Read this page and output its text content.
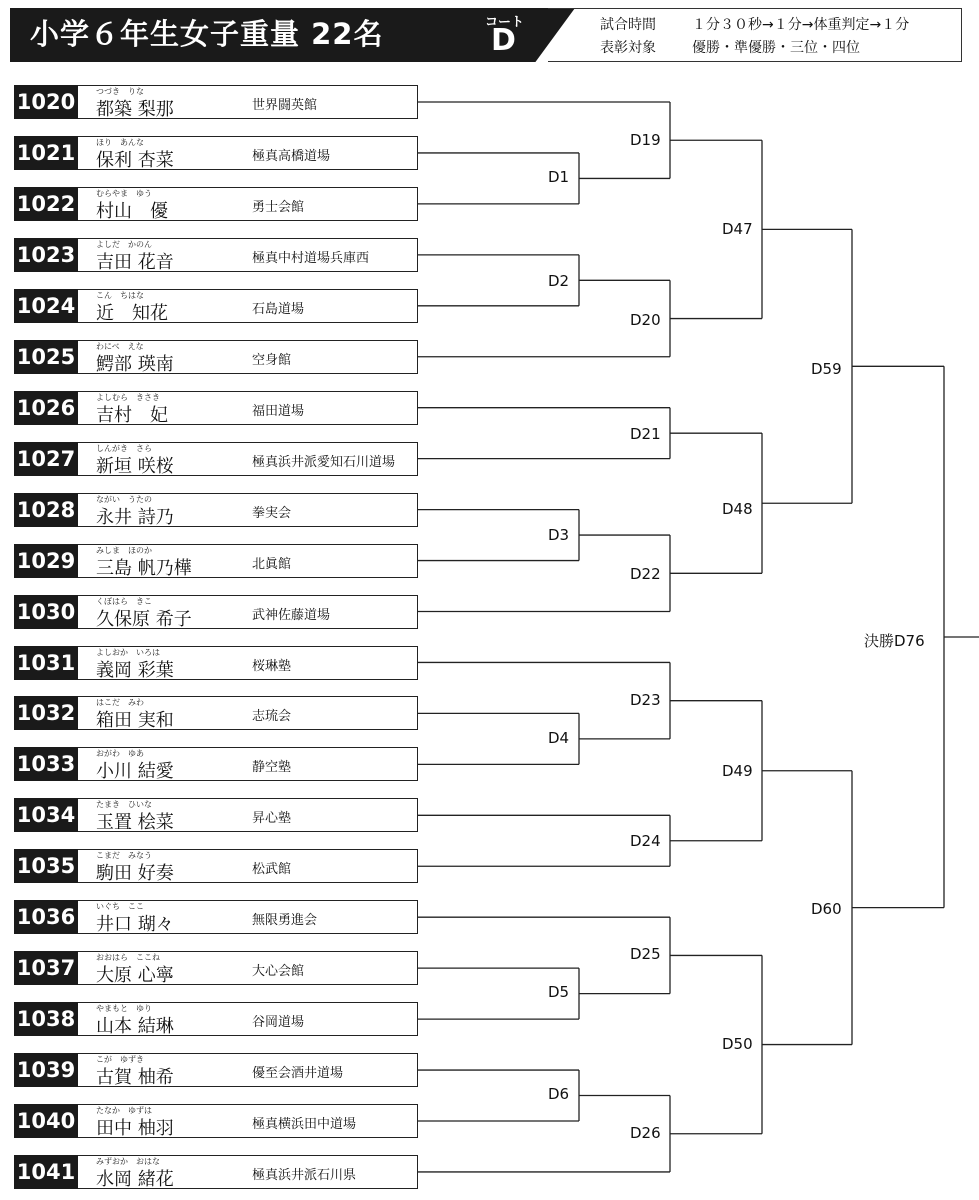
小学６年生女子重量 22名	コート
D	試合時間	１分３０秒→１分→体重判定→１分
表彰対象	優勝・準優勝・三位・四位
1020	つづき　りな
都築 梨那	世界闘英館
1021	ほり　あんな
保利 杏菜	極真高橋道場
1022	むらやま　ゆう
村山　優	勇士会館
1023	よしだ　かのん
吉田 花音	極真中村道場兵庫西
1024	こん　ちはな
近　知花	石島道場
1025	わにべ　えな
鰐部 瑛南	空身館
1026	よしむら　きさき
吉村　妃	福田道場
1027	しんがき　さら
新垣 咲桜	極真浜井派愛知石川道場
1028	ながい　うたの
永井 詩乃	拳実会
1029	みしま　ほのか
三島 帆乃樺	北眞館
1030	くぼはら　きこ
久保原 希子	武神佐藤道場
1031	よしおか　いろは
義岡 彩葉	桜琳塾
1032	はこだ　みわ
箱田 実和	志琉会
1033	おがわ　ゆあ
小川 結愛	静空塾
1034	たまき　ひいな
玉置 桧菜	昇心塾
1035	こまだ　みなう
駒田 好奏	松武館
1036	いぐち　ここ
井口 瑚々	無限勇進会
1037	おおはら　ここね
大原 心寧	大心会館
1038	やまもと　ゆり
山本 結琳	谷岡道場
1039	こが　ゆずき
古賀 柚希	優至会酒井道場
1040	たなか　ゆずは
田中 柚羽	極真横浜田中道場
1041	みずおか　おはな
水岡 緒花	極真浜井派石川県
D1
D2
D3
D4
D5
D6
D19
D20
D21
D22
D23
D24
D25
D26
D47
D48
D49
D50
D59
D60
決勝D76
